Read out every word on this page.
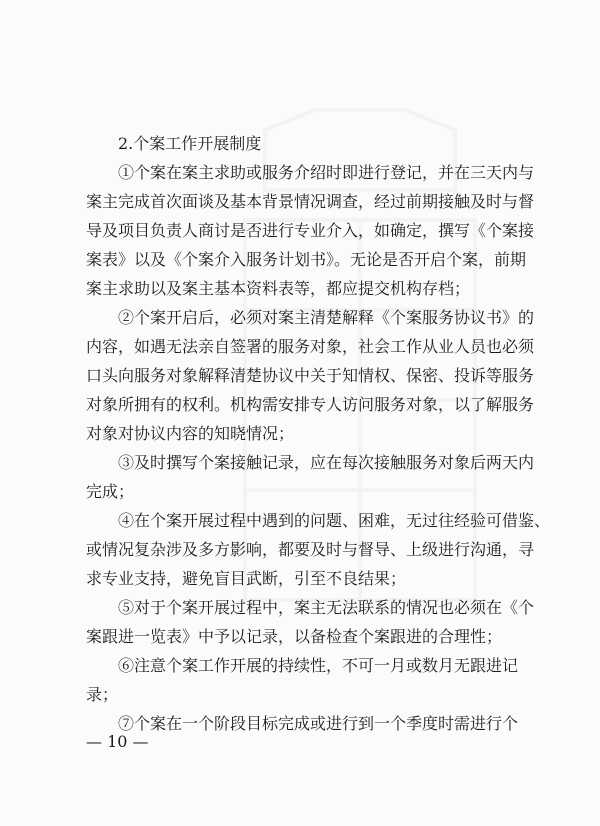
2.个案工作开展制度

①个案在案主求助或服务介绍时即进行登记，并在三天内与
案主完成首次面谈及基本背景情况调查，经过前期接触及时与督
导及项目负责人商讨是否进行专业介入，如确定，撰写《个案接
案表》以及《个案介入服务计划书》。无论是否开启个案，前期
案主求助以及案主基本资料表等，都应提交机构存档；

②个案开启后，必须对案主清楚解释《个案服务协议书》的
内容，如遇无法亲自签署的服务对象，社会工作从业人员也必须
口头向服务对象解释清楚协议中关于知情权、保密、投诉等服务
对象所拥有的权利。机构需安排专人访问服务对象，以了解服务
对象对协议内容的知晓情况；

③及时撰写个案接触记录，应在每次接触服务对象后两天内
完成；

④在个案开展过程中遇到的问题、困难，无过往经验可借鉴、
或情况复杂涉及多方影响，都要及时与督导、上级进行沟通，寻
求专业支持，避免盲目武断，引至不良结果；

⑤对于个案开展过程中，案主无法联系的情况也必须在《个
案跟进一览表》中予以记录，以备检查个案跟进的合理性；

⑥注意个案工作开展的持续性，不可一月或数月无跟进记
录；

⑦个案在一个阶段目标完成或进行到一个季度时需进行个

— 10 —
